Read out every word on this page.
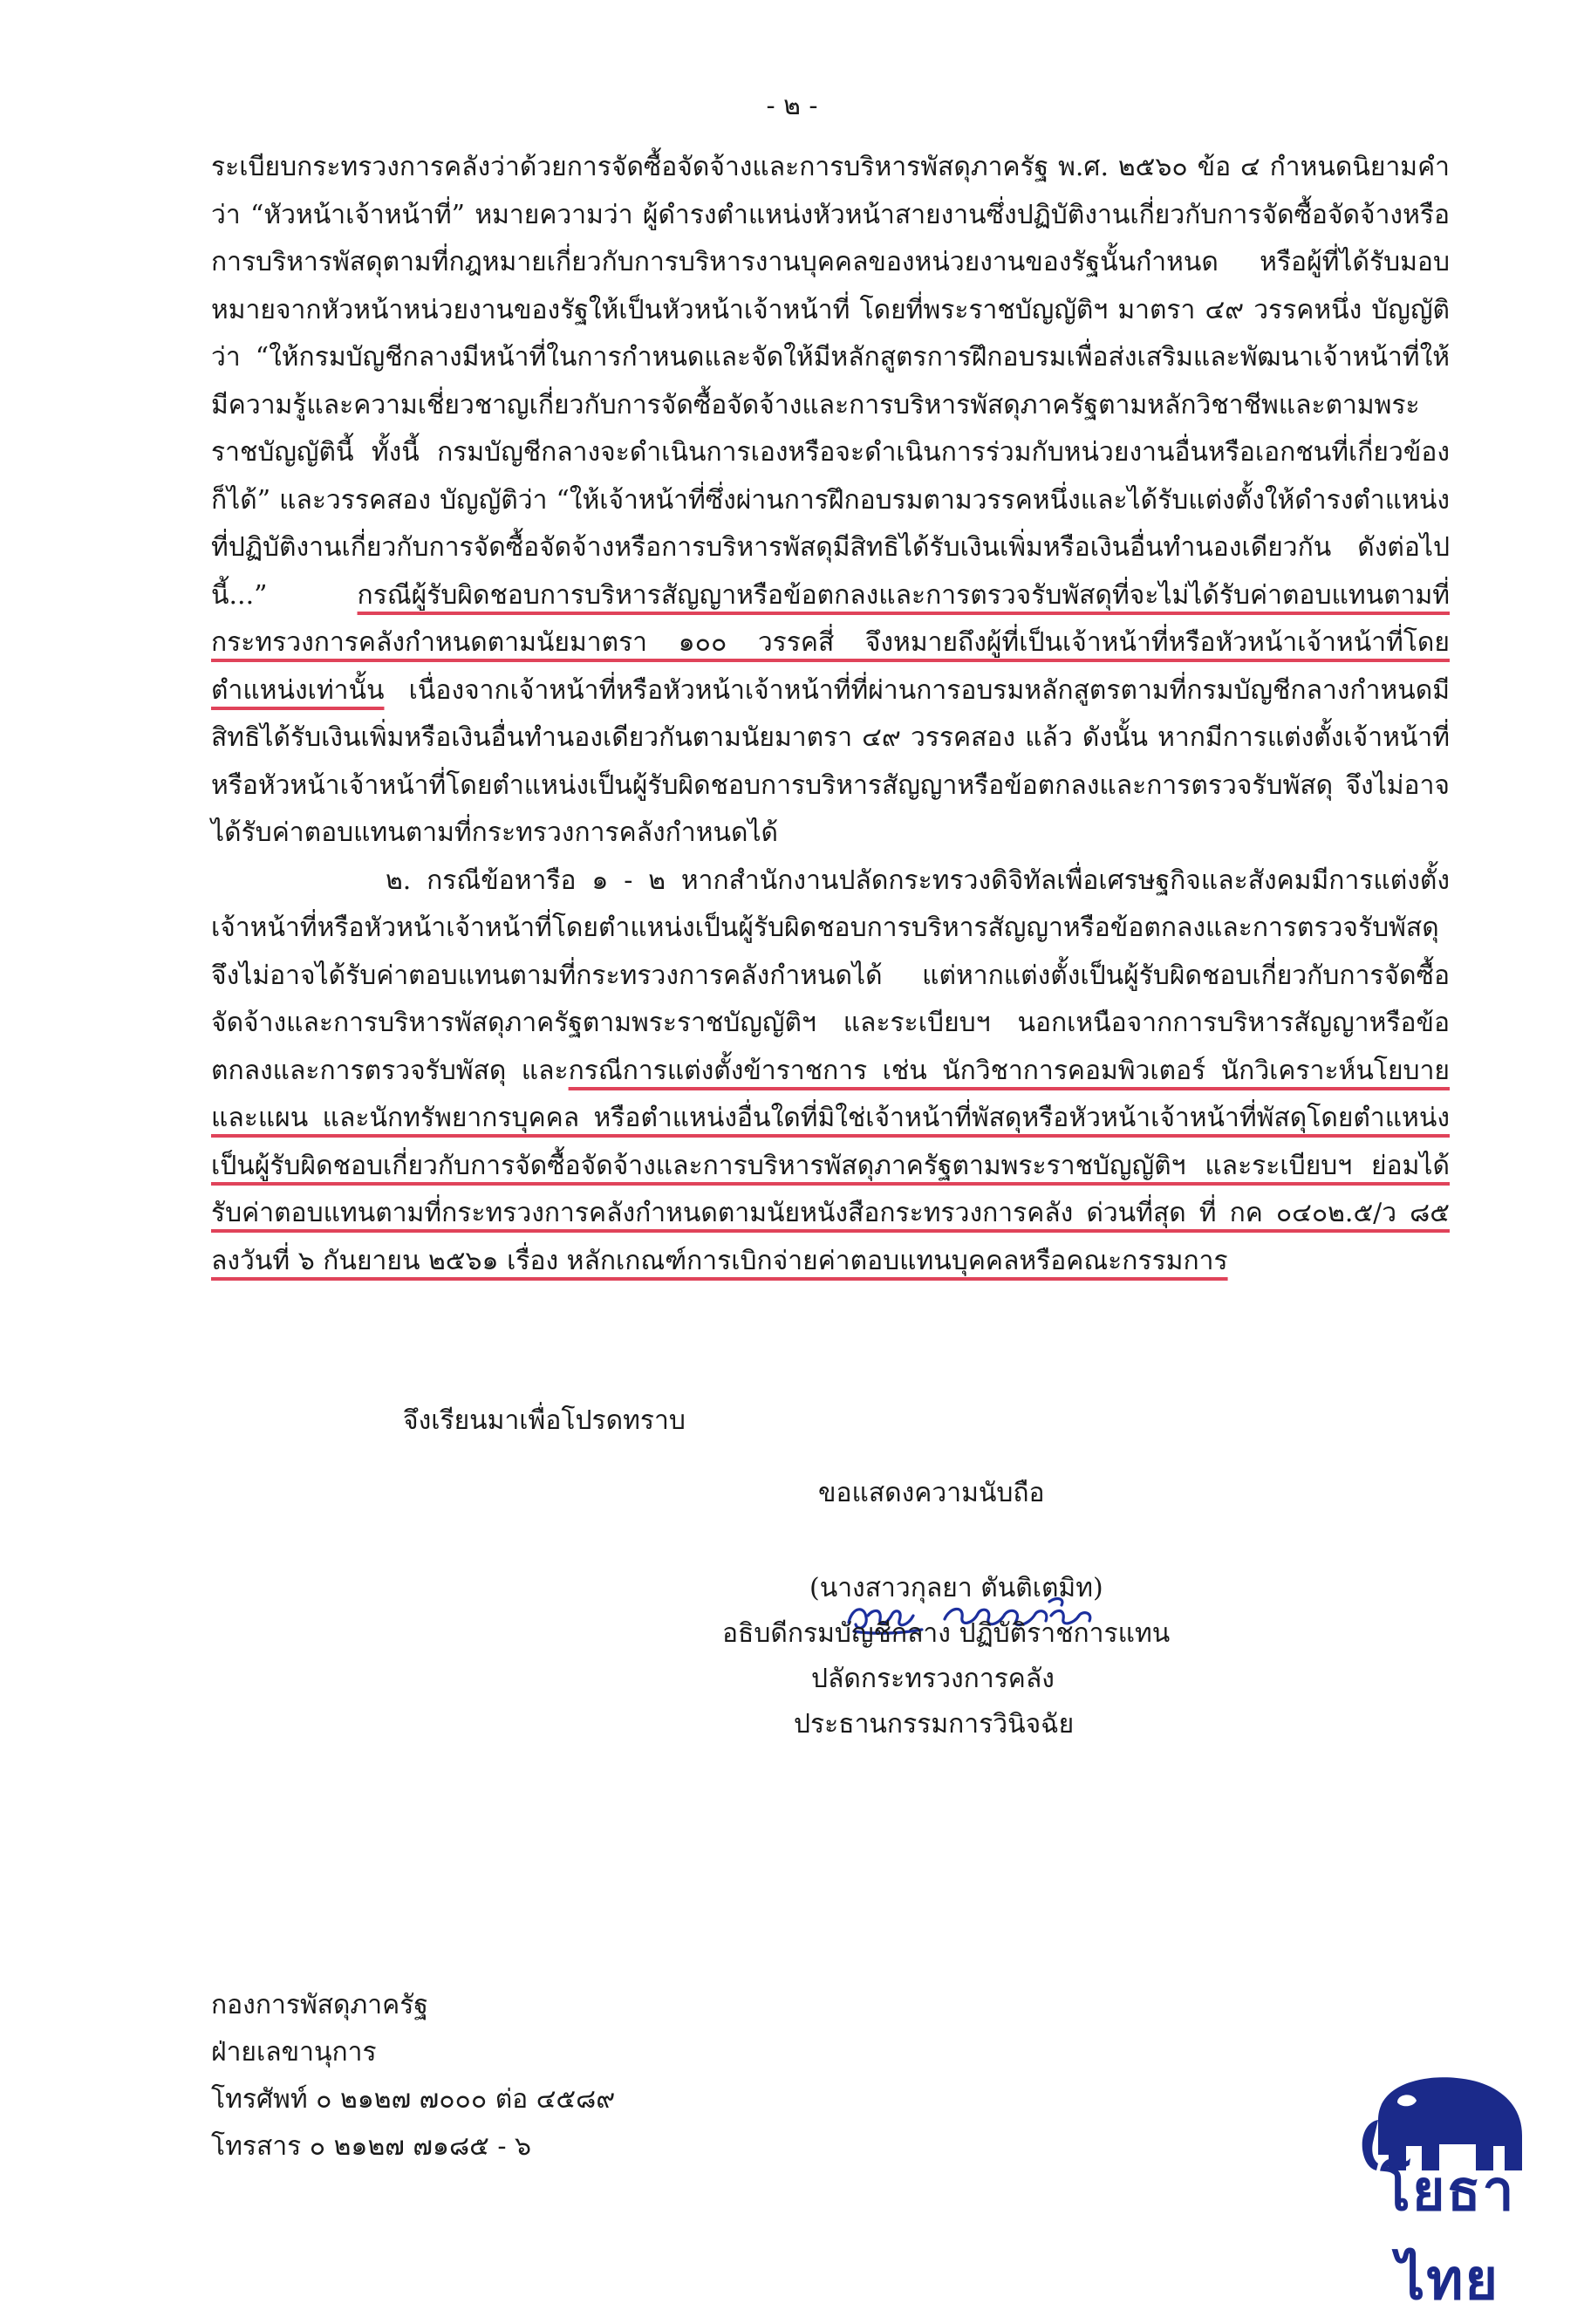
- ๒ -

ระเบียบกระทรวงการคลังว่าด้วยการจัดซื้อจัดจ้างและการบริหารพัสดุภาครัฐ พ.ศ. ๒๕๖๐ ข้อ ๔ กำหนดนิยามคำว่า “หัวหน้าเจ้าหน้าที่” หมายความว่า ผู้ดำรงตำแหน่งหัวหน้าสายงานซึ่งปฏิบัติงานเกี่ยวกับการจัดซื้อจัดจ้างหรือการบริหารพัสดุตามที่กฎหมายเกี่ยวกับการบริหารงานบุคคลของหน่วยงานของรัฐนั้นกำหนด หรือผู้ที่ได้รับมอบหมายจากหัวหน้าหน่วยงานของรัฐให้เป็นหัวหน้าเจ้าหน้าที่ โดยที่พระราชบัญญัติฯ มาตรา ๔๙ วรรคหนึ่ง บัญญัติว่า “ให้กรมบัญชีกลางมีหน้าที่ในการกำหนดและจัดให้มีหลักสูตรการฝึกอบรมเพื่อส่งเสริมและพัฒนาเจ้าหน้าที่ให้มีความรู้และความเชี่ยวชาญเกี่ยวกับการจัดซื้อจัดจ้างและการบริหารพัสดุภาครัฐตามหลักวิชาชีพและตามพระราชบัญญัตินี้ ทั้งนี้ กรมบัญชีกลางจะดำเนินการเองหรือจะดำเนินการร่วมกับหน่วยงานอื่นหรือเอกชนที่เกี่ยวข้องก็ได้” และวรรคสอง บัญญัติว่า “ให้เจ้าหน้าที่ซึ่งผ่านการฝึกอบรมตามวรรคหนึ่งและได้รับแต่งตั้งให้ดำรงตำแหน่งที่ปฏิบัติงานเกี่ยวกับการจัดซื้อจัดจ้างหรือการบริหารพัสดุมีสิทธิได้รับเงินเพิ่มหรือเงินอื่นทำนองเดียวกัน ดังต่อไปนี้...” กรณีผู้รับผิดชอบการบริหารสัญญาหรือข้อตกลงและการตรวจรับพัสดุที่จะไม่ได้รับค่าตอบแทนตามที่กระทรวงการคลังกำหนดตามนัยมาตรา ๑๐๐ วรรคสี่ จึงหมายถึงผู้ที่เป็นเจ้าหน้าที่หรือหัวหน้าเจ้าหน้าที่โดยตำแหน่งเท่านั้น เนื่องจากเจ้าหน้าที่หรือหัวหน้าเจ้าหน้าที่ที่ผ่านการอบรมหลักสูตรตามที่กรมบัญชีกลางกำหนดมีสิทธิได้รับเงินเพิ่มหรือเงินอื่นทำนองเดียวกันตามนัยมาตรา ๔๙ วรรคสอง แล้ว ดังนั้น หากมีการแต่งตั้งเจ้าหน้าที่หรือหัวหน้าเจ้าหน้าที่โดยตำแหน่งเป็นผู้รับผิดชอบการบริหารสัญญาหรือข้อตกลงและการตรวจรับพัสดุ จึงไม่อาจได้รับค่าตอบแทนตามที่กระทรวงการคลังกำหนดได้

๒. กรณีข้อหารือ ๑ - ๒ หากสำนักงานปลัดกระทรวงดิจิทัลเพื่อเศรษฐกิจและสังคมมีการแต่งตั้งเจ้าหน้าที่หรือหัวหน้าเจ้าหน้าที่โดยตำแหน่งเป็นผู้รับผิดชอบการบริหารสัญญาหรือข้อตกลงและการตรวจรับพัสดุ จึงไม่อาจได้รับค่าตอบแทนตามที่กระทรวงการคลังกำหนดได้ แต่หากแต่งตั้งเป็นผู้รับผิดชอบเกี่ยวกับการจัดซื้อจัดจ้างและการบริหารพัสดุภาครัฐตามพระราชบัญญัติฯ และระเบียบฯ นอกเหนือจากการบริหารสัญญาหรือข้อตกลงและการตรวจรับพัสดุ และกรณีการแต่งตั้งข้าราชการ เช่น นักวิชาการคอมพิวเตอร์ นักวิเคราะห์นโยบายและแผน และนักทรัพยากรบุคคล หรือตำแหน่งอื่นใดที่มิใช่เจ้าหน้าที่พัสดุหรือหัวหน้าเจ้าหน้าที่พัสดุโดยตำแหน่ง เป็นผู้รับผิดชอบเกี่ยวกับการจัดซื้อจัดจ้างและการบริหารพัสดุภาครัฐตามพระราชบัญญัติฯ และระเบียบฯ ย่อมได้รับค่าตอบแทนตามที่กระทรวงการคลังกำหนดตามนัยหนังสือกระทรวงการคลัง ด่วนที่สุด ที่ กค ๐๔๐๒.๕/ว ๘๕ ลงวันที่ ๖ กันยายน ๒๕๖๑ เรื่อง หลักเกณฑ์การเบิกจ่ายค่าตอบแทนบุคคลหรือคณะกรรมการ

จึงเรียนมาเพื่อโปรดทราบ
ขอแสดงความนับถือ
(นางสาวกุลยา ตันติเตมิท)
อธิบดีกรมบัญชีกลาง ปฏิบัติราชการแทน
ปลัดกระทรวงการคลัง
ประธานกรรมการวินิจฉัย
กองการพัสดุภาครัฐ
ฝ่ายเลขานุการ
โทรศัพท์ ๐ ๒๑๒๗ ๗๐๐๐ ต่อ ๔๕๘๙
โทรสาร ๐ ๒๑๒๗ ๗๑๘๕ - ๖
โยธาไทย
